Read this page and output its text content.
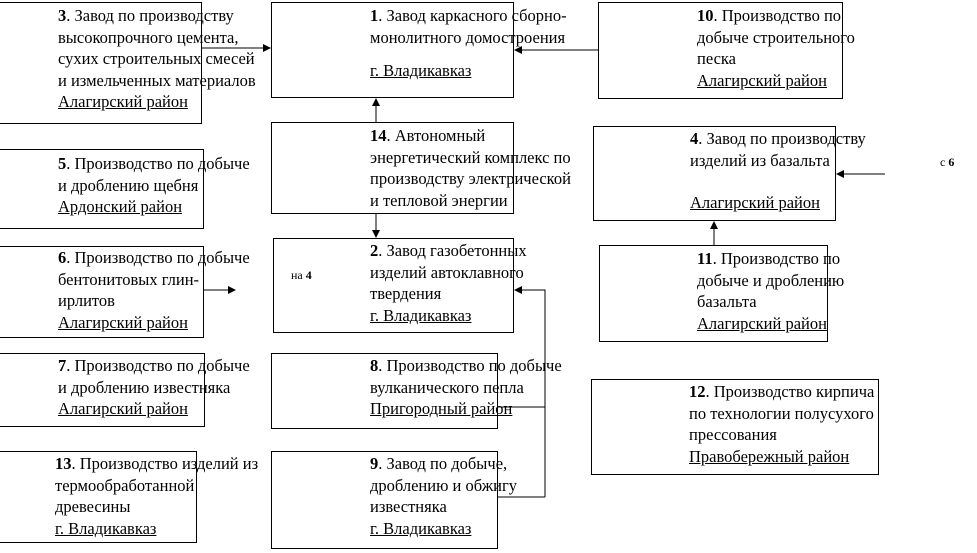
3. Завод по производству
высокопрочного цемента,
сухих строительных смесей
и измельченных материалов
Алагирский район
1. Завод каркасного сборно-
монолитного домостроения
г. Владикавказ
10. Производство по
добыче строительного
песка
Алагирский район
14. Автономный
энергетический комплекс по
производству электрической
и тепловой энергии
4. Завод по производству
изделий из базальта
Алагирский район
с 6
5. Производство по добыче
и дроблению щебня
Ардонский район
6. Производство по добыче
бентонитовых глин-
ирлитов
Алагирский район
на 4
2. Завод газобетонных
изделий автоклавного
твердения
г. Владикавказ
11. Производство по
добыче и дроблению
базальта
Алагирский район
7. Производство по добыче
и дроблению известняка
Алагирский район
8. Производство по добыче
вулканического пепла
Пригородный район
12. Производство кирпича
по технологии полусухого
прессования
Правобережный район
13. Производство изделий из
термообработанной
древесины
г. Владикавказ
9. Завод по добыче,
дроблению и обжигу
известняка
г. Владикавказ
